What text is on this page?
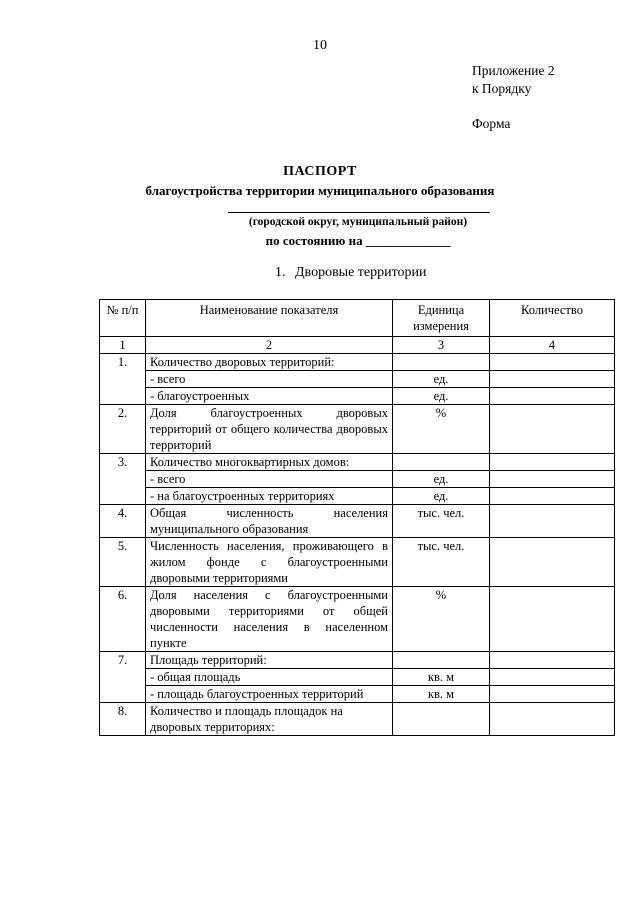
10
Приложение 2
к Порядку
Форма
ПАСПОРТ
благоустройства территории муниципального образования
(городской округ, муниципальный район)
по состоянию на _____________
1. Дворовые территории
№ п/п	Наименование показателя	Единица измерения	Количество
1	2	3	4
1.	Количество дворовых территорий:		
	- всего	ед.	
	- благоустроенных	ед.	
2.	Доля благоустроенных дворовых территорий от общего количества дворовых территорий	%	
3.	Количество многоквартирных домов:		
	- всего	ед.	
	- на благоустроенных территориях	ед.	
4.	Общая численность населения муниципального образования	тыс. чел.	
5.	Численность населения, проживающего в жилом фонде с благоустроенными дворовыми территориями	тыс. чел.	
6.	Доля населения с благоустроенными дворовыми территориями от общей численности населения в населенном пункте	%	
7.	Площадь территорий:		
	- общая площадь	кв. м	
	- площадь благоустроенных территорий	кв. м	
8.	Количество и площадь площадок на дворовых территориях:		
